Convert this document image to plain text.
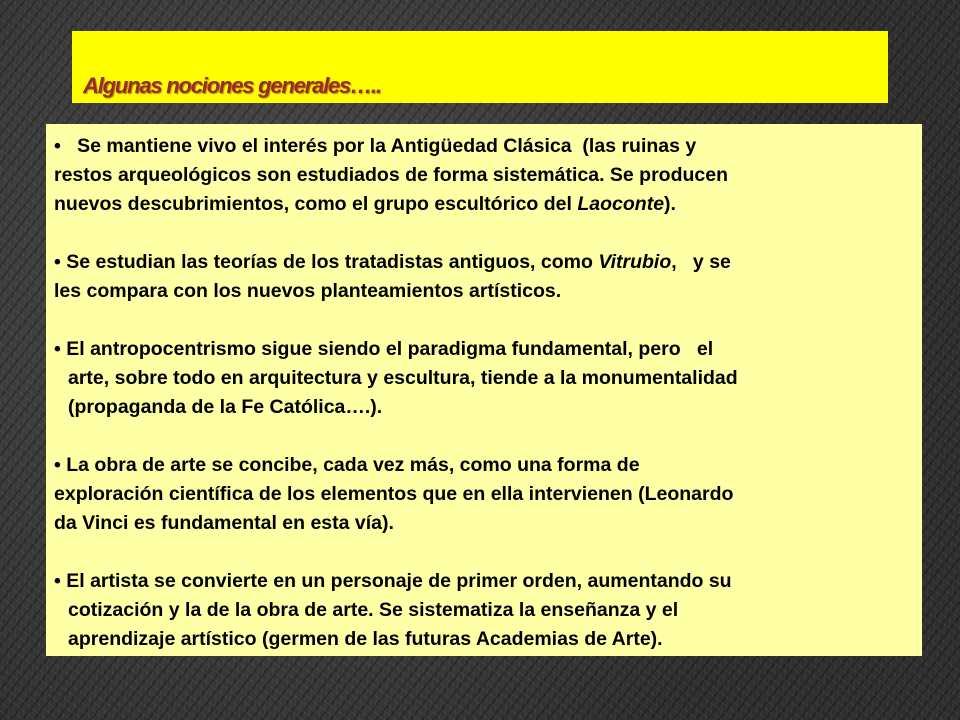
Algunas nociones generales…..
•   Se mantiene vivo el interés por la Antigüedad Clásica  (las ruinas y
restos arqueológicos son estudiados de forma sistemática. Se producen
nuevos descubrimientos, como el grupo escultórico del Laoconte).
• Se estudian las teorías de los tratadistas antiguos, como Vitrubio,   y se
les compara con los nuevos planteamientos artísticos.
• El antropocentrismo sigue siendo el paradigma fundamental, pero   el
arte, sobre todo en arquitectura y escultura, tiende a la monumentalidad
(propaganda de la Fe Católica….).
• La obra de arte se concibe, cada vez más, como una forma de
exploración científica de los elementos que en ella intervienen (Leonardo
da Vinci es fundamental en esta vía).
• El artista se convierte en un personaje de primer orden, aumentando su
cotización y la de la obra de arte. Se sistematiza la enseñanza y el
aprendizaje artístico (germen de las futuras Academias de Arte).
